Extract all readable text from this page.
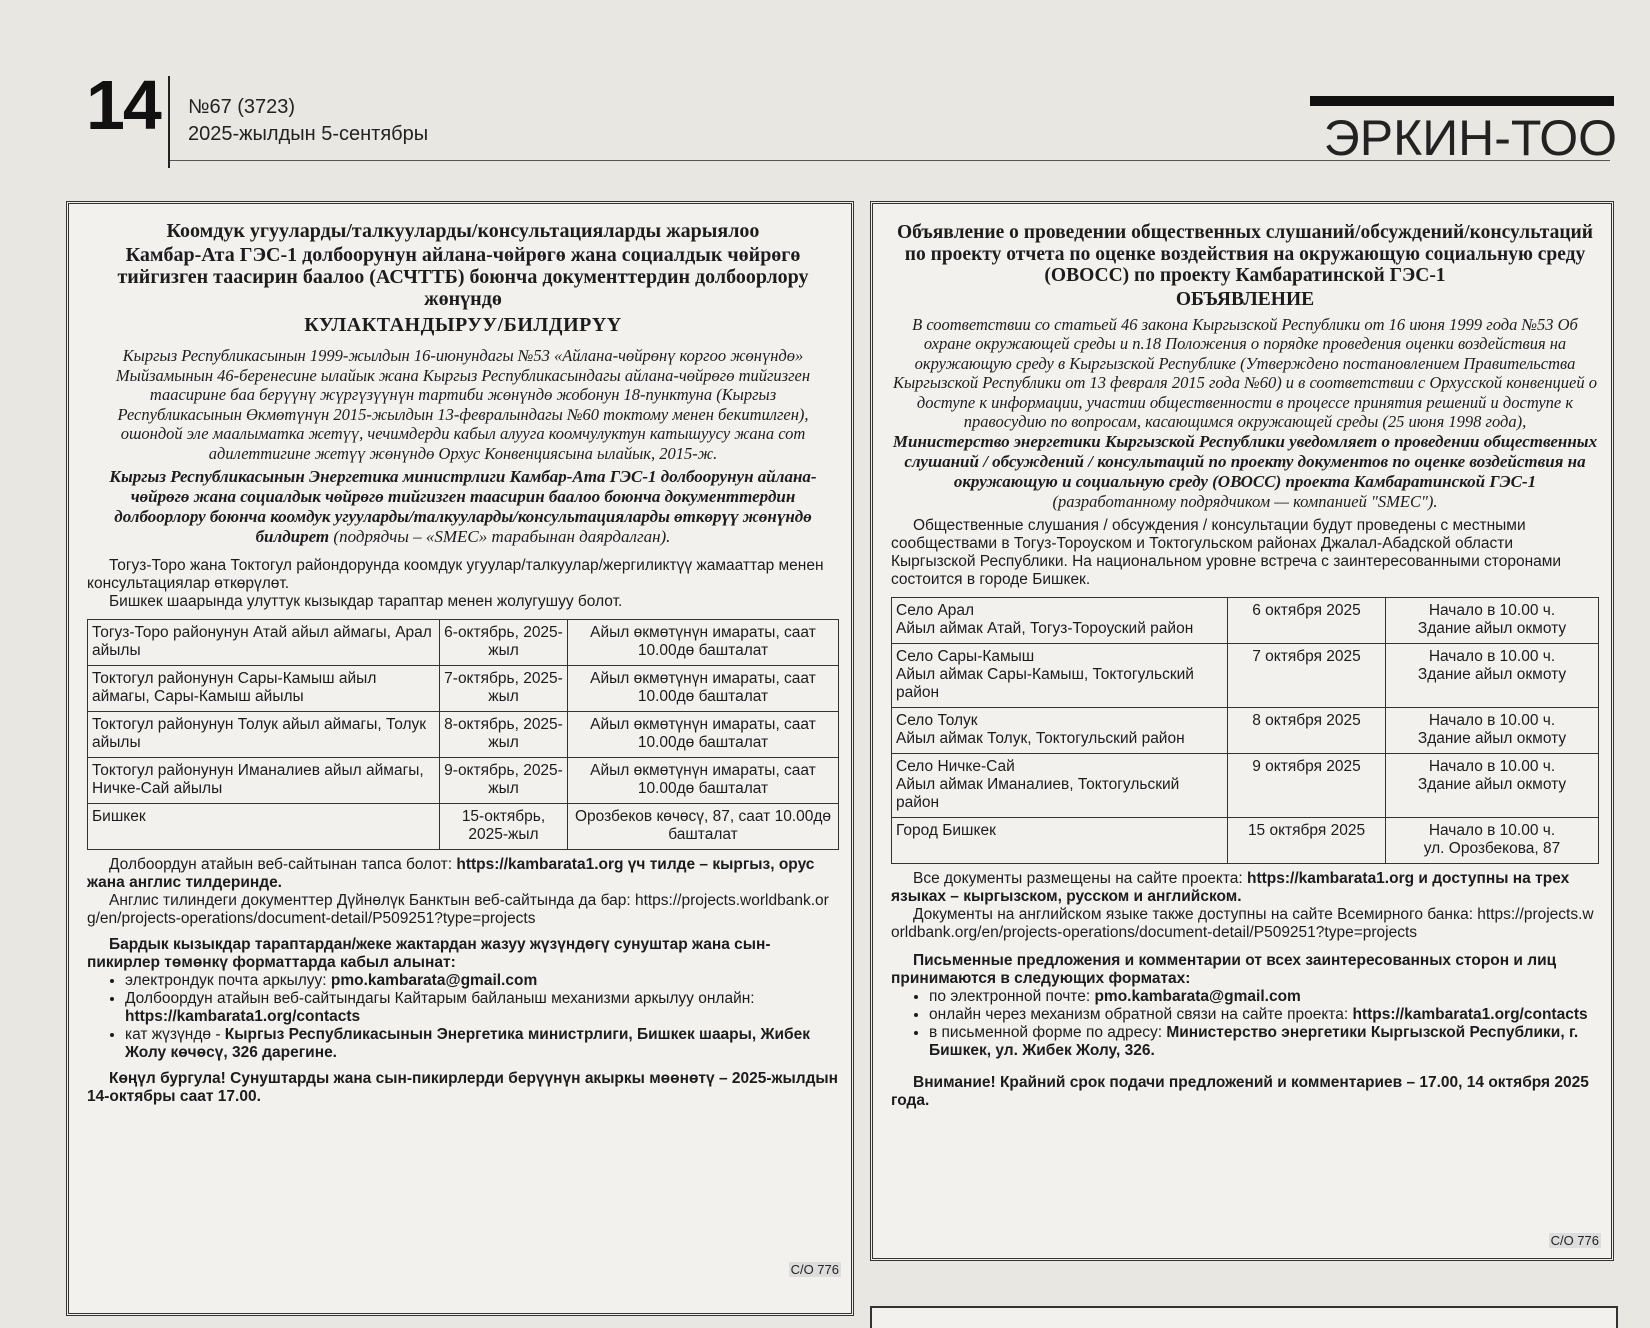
14 №67 (3723)
2025-жылдын 5-сентябры	ЭРКИН-ТОО
Коомдук угууларды/талкууларды/консультацияларды жарыялоо
Камбар-Ата ГЭС-1 долбоорунун айлана-чөйрөгө жана социалдык чөйрөгө тийгизген таасирин баалоо (АСЧТТБ) боюнча документтердин долбоорлору жөнүндө
КУЛАКТАНДЫРУУ/БИЛДИРҮҮ

Кыргыз Республикасынын 1999-жылдын 16-июнундагы №53 «Айлана-чөйрөнү коргоо жөнүндө» Мыйзамынын 46-беренесине ылайык жана Кыргыз Республикасындагы айлана-чөйрөгө тийгизген таасирине баа берүүнү жүргүзүүнүн тартиби жөнүндө жобонун 18-пунктуна (Кыргыз Республикасынын Өкмөтүнүн 2015-жылдын 13-февралындагы №60 токтому менен бекитилген), ошондой эле маалыматка жетүү, чечимдерди кабыл алууга коомчулуктун катышуусу жана сот адилеттигине жетүү жөнүндө Орхус Конвенциясына ылайык, 2015-ж.

Кыргыз Республикасынын Энергетика министрлиги Камбар-Ата ГЭС-1 долбоорунун айлана-чөйрөгө жана социалдык чөйрөгө тийгизген таасирин баалоо боюнча документтердин долбоорлору боюнча коомдук угууларды/талкууларды/консультацияларды өткөрүү жөнүндө билдирет (подрядчы – «SMEC» тарабынан даярдалган).

Тогуз-Торо жана Токтогул райондорунда коомдук угуулар/талкуулар/жергиликтүү жамааттар менен консультациялар өткөрүлөт.

Бишкек шаарында улуттук кызыкдар тараптар менен жолугушуу болот.

Тогуз-Торо районунун Атай айыл аймагы, Арал айылы	6-октябрь, 2025-жыл	Айыл өкмөтүнүн имараты, саат 10.00дө башталат
Токтогул районунун Сары-Камыш айыл аймагы, Сары-Камыш айылы	7-октябрь, 2025-жыл	Айыл өкмөтүнүн имараты, саат 10.00дө башталат
Токтогул районунун Толук айыл аймагы, Толук айылы	8-октябрь, 2025-жыл	Айыл өкмөтүнүн имараты, саат 10.00дө башталат
Токтогул районунун Иманалиев айыл аймагы, Ничке-Сай айылы	9-октябрь, 2025-жыл	Айыл өкмөтүнүн имараты, саат 10.00дө башталат
Бишкек	15-октябрь, 2025-жыл	Орозбеков көчөсү, 87, саат 10.00дө башталат

Долбоордун атайын веб-сайтынан тапса болот: https://kambarata1.org үч тилде – кыргыз, орус жана англис тилдеринде.

Англис тилиндеги документтер Дүйнөлүк Банктын веб-сайтында да бар: https://projects.worldbank.org/en/projects-operations/document-detail/P509251?type=projects

Бардык кызыкдар тараптардан/жеке жактардан жазуу жүзүндөгү сунуштар жана сын-пикирлер төмөнкү форматтарда кабыл алынат:

• электрондук почта аркылуу: pmo.kambarata@gmail.com
• Долбоордун атайын веб-сайтындагы Кайтарым байланыш механизми аркылуу онлайн: https://kambarata1.org/contacts
• кат жүзүндө - Кыргыз Республикасынын Энергетика министрлиги, Бишкек шаары, Жибек Жолу көчөсү, 326 дарегине.

Көңүл бургула! Сунуштарды жана сын-пикирлерди берүүнүн акыркы мөөнөтү – 2025-жылдын 14-октябры саат 17.00.

С/О 776
Объявление о проведении общественных слушаний/обсуждений/консультаций по проекту отчета по оценке воздействия на окружающую социальную среду (ОВОСС) по проекту Камбаратинской ГЭС-1
ОБЪЯВЛЕНИЕ

В соответствии со статьей 46 закона Кыргызской Республики от 16 июня 1999 года №53 Об охране окружающей среды и п.18 Положения о порядке проведения оценки воздействия на окружающую среду в Кыргызской Республике (Утверждено постановлением Правительства Кыргызской Республики от 13 февраля 2015 года №60) и в соответствии с Орхусской конвенцией о доступе к информации, участии общественности в процессе принятия решений и доступе к правосудию по вопросам, касающимся окружающей среды (25 июня 1998 года),

Министерство энергетики Кыргызской Республики уведомляет о проведении общественных слушаний / обсуждений / консультаций по проекту документов по оценке воздействия на окружающую и социальную среду (ОВОСС) проекта Камбаратинской ГЭС-1

(разработанному подрядчиком — компанией "SMEC").

Общественные слушания / обсуждения / консультации будут проведены с местными сообществами в Тогуз-Тороуском и Токтогульском районах Джалал-Абадской области Кыргызской Республики. На национальном уровне встреча с заинтересованными сторонами состоится в городе Бишкек.

Село Арал
Айыл аймак Атай, Тогуз-Тороуский район	6 октября 2025	Начало в 10.00 ч.
Здание айыл окмоту
Село Сары-Камыш
Айыл аймак Сары-Камыш, Токтогульский район	7 октября 2025	Начало в 10.00 ч.
Здание айыл окмоту
Село Толук
Айыл аймак Толук, Токтогульский район	8 октября 2025	Начало в 10.00 ч.
Здание айыл окмоту
Село Ничке-Сай
Айыл аймак Иманалиев, Токтогульский район	9 октября 2025	Начало в 10.00 ч.
Здание айыл окмоту
Город Бишкек	15 октября 2025	Начало в 10.00 ч.
ул. Орозбекова, 87

Все документы размещены на сайте проекта: https://kambarata1.org и доступны на трех языках – кыргызском, русском и английском.

Документы на английском языке также доступны на сайте Всемирного банка: https://projects.worldbank.org/en/projects-operations/document-detail/P509251?type=projects

Письменные предложения и комментарии от всех заинтересованных сторон и лиц принимаются в следующих форматах:

• по электронной почте: pmo.kambarata@gmail.com
• онлайн через механизм обратной связи на сайте проекта: https://kambarata1.org/contacts
• в письменной форме по адресу: Министерство энергетики Кыргызской Республики, г. Бишкек, ул. Жибек Жолу, 326.

Внимание! Крайний срок подачи предложений и комментариев – 17.00, 14 октября 2025 года.

С/О 776
